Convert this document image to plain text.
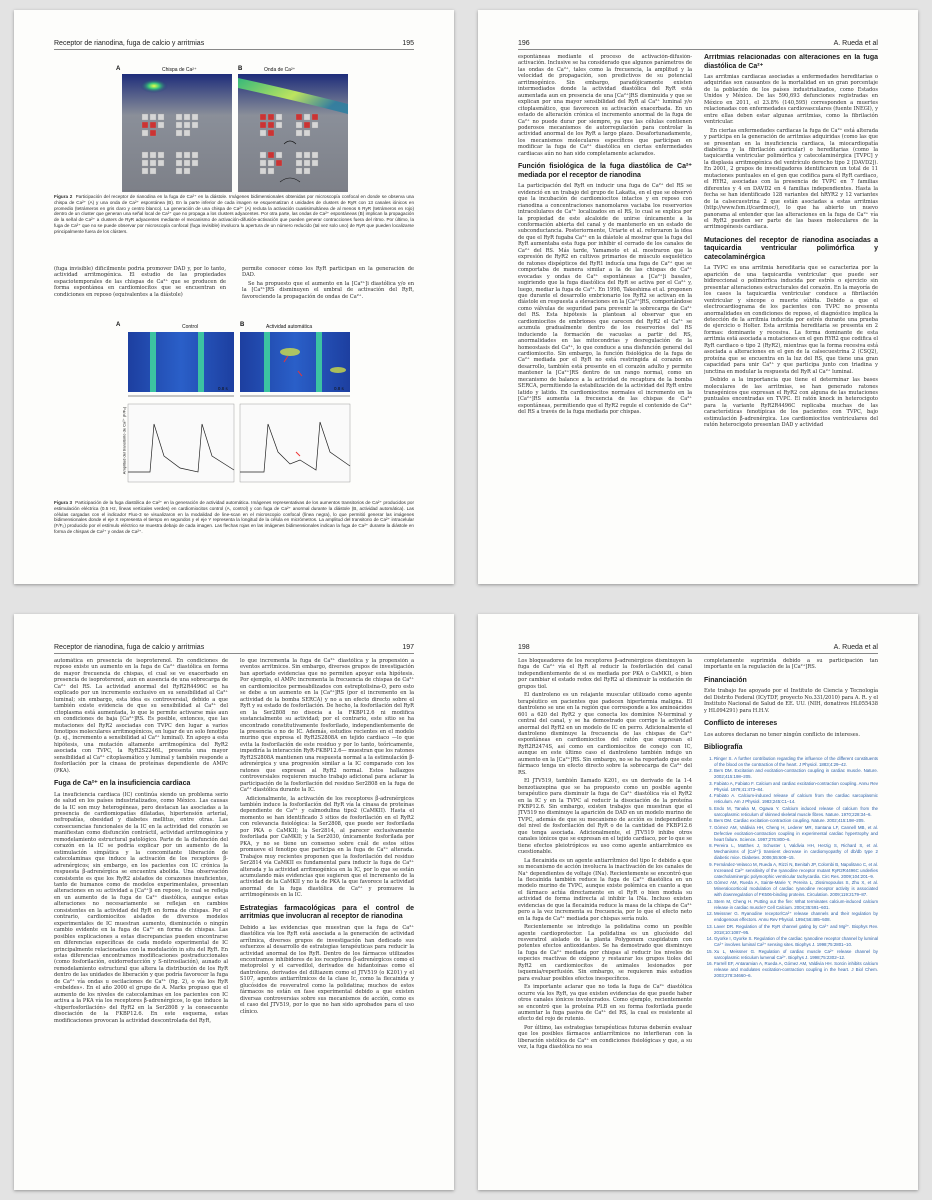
Receptor de rianodina, fuga de calcio y arritmias	195
A	Chispa de Ca²⁺	B	Onda de Ca²⁺
Figura 2 Participación del receptor de rianodina en la fuga de Ca²⁺ en la diástole. Imágenes bidimensionales obtenidas por microscopía confocal en donde se observa una chispa de Ca²⁺ (A) y una onda de Ca²⁺ espontánea (B). En la parte inferior de cada imagen se esquematizan 4 unidades de clusters de RyR con 13 canales iónicos en promedio (tetrámeros en gris claro y centro blanco). La generación de una chispa de Ca²⁺ (A) recluta la activación cuasisimultánea de al menos 6 RyR (tetrámeros en rojo) dentro de un cluster que generan una señal local de Ca²⁺ que no propaga a los clusters adyacentes. Por otra parte, las ondas de Ca²⁺ espontáneas (B) implican la propagación de la señal de Ca²⁺ a clusters de RyR adyacentes mediante el mecanismo de activación-difusión-activación que pueden generar contracciones fuera del ritmo. Por último, la fuga de Ca²⁺ que no se puede observar por microscopía confocal (fuga invisible) involucra la apertura de un número reducido (tal vez solo uno) de RyR que pueden localizarse principalmente fuera de los clústers.

(fuga invisible) difícilmente podría promover DAD y, por lo tanto, actividad arritmogénica. El estudio de las propiedades espaciotemporales de las chispas de Ca²⁺ que se producen de forma espontánea en cardiomiocitos que se encuentran en condiciones en reposo (equivalentes a la diástole)

permite conocer cómo los RyR participan en la generación de DAD.

Se ha propuesto que el aumento en la [Ca²⁺]i diastólica y/o en la [Ca²⁺]RS disminuyen el umbral de activación del RyR, favoreciendo la propagación de ondas de Ca²⁺.

A	Control	B	Actividad automática
0.8 s	0.8 s
Amplitud del transitorio de Ca²⁺ (F/F₀)
Figura 3 Participación de la fuga diastólica de Ca²⁺ en la generación de actividad automática. Imágenes representativas de los aumentos transitorios de Ca²⁺ producidos por estimulación eléctrica (0.5 Hz, líneas verticales verdes) en cardiomiocitos control (A, control) y con fuga de Ca²⁺ anormal durante la diástole (B, actividad automática). Las células cargadas con el indicador Fluo-3 se visualizaron en la modalidad de line-scan en el microscopio confocal (línea negra), lo que permitió generar las imágenes bidimensionales donde el eje X representa el tiempo en segundos y el eje Y representa la longitud de la célula en micrómetros. La amplitud del transitorio de Ca²⁺ intracelular (F/F₀) producido por el estímulo eléctrico se muestra debajo de cada imagen. Las flechas rojas en las imágenes bidimensionales indican la fuga de Ca²⁺ durante la diástole en forma de chispas de Ca²⁺ y ondas de Ca²⁺.
196	A. Rueda et al

espontáneas mediante el proceso de activación-difusión-activación. Inclusive se ha considerado que algunos parámetros de las ondas de Ca²⁺, tales como la frecuencia, la amplitud y la velocidad de propagación, son predictivos de su potencial arritmogénico. Sin embargo, paradójicamente existen intermediados donde la actividad diastólica del RyR está aumentada aun en presencia de una [Ca²⁺]RS disminuida y que se explican por una mayor sensibilidad del RyR al Ca²⁺ luminal y/o citoplasmático, que favorecen su activación exacerbada. En un estado de alteración crónica el incremento anormal de la fuga de Ca²⁺ no puede durar por siempre, ya que las células contienen poderosos mecanismos de autorregulación para controlar la actividad anormal de los RyR a largo plazo. Desafortunadamente, los mecanismos moleculares específicos que participan en modificar la fuga de Ca²⁺ diastólica en ciertas enfermedades cardiacas aún no han sido completamente aclarados.

Función fisiológica de la fuga diastólica de Ca²⁺ mediada por el receptor de rianodina

La participación del RyR en inducir una fuga de Ca²⁺ del RS se evidenció en un trabajo del grupo de Lakatta, en el que se observó que la incubación de cardiomiocitos intactos y en reposo con rianodina a concentraciones nanomolares vaciaba los reservorios intracelulares de Ca²⁺ localizados en el RS, lo cual se explica por la propiedad de este alcaloide de unirse únicamente a la conformación abierta del canal y de mantenerlo en un estado de subconductancia. Posteriormente, Uriarte et al. reforzaron la idea de que el RyR fugaba Ca²⁺ en la diástole al mostrar que la fuga del RyR aumentaba esta fuga por inhibir el cerrado de los canales de Ca²⁺ del RS. Más tarde, Yamamoto et al. mostraron que la expresión de RyR2 en cultivos primarios de músculo esquelético de ratones dispépticos del RyR1 inducía una fuga de Ca²⁺ que se comportaba de manera similar a la de las chispas de Ca²⁺ evocadas y ondas de Ca²⁺ espontáneas a [Ca²⁺]i basales, sugiriendo que la fuga diastólica del RyR se activa por el Ca²⁺ y, luego, mediar la fuga de Ca²⁺. En 1998, Takeshima et al. proponen que durante el desarrollo embrionario los RyR2 se activan en la diástole en respuesta a elevaciones en la [Ca²⁺]RS, comportándose como válvulas de seguridad para prevenir la sobrecarga de Ca²⁺ del RS. Esta hipótesis la plantean al observar que en cardiomiocitos de embriones que carecen del RyR2 el Ca²⁺ se acumula gradualmente dentro de los reservorios del RS induciendo la formación de vacuolas a partir del RS, anormalidades en las mitocondrias y desregulación de la homeostasis del Ca²⁺, lo que conduce a una disfunción general del cardiomiocito. Sin embargo, la función fisiológica de la fuga de Ca²⁺ mediada por el RyR no está restringida al corazón en desarrollo, también está presente en el corazón adulto y permite mantener la [Ca²⁺]RS dentro de un rango normal, como un mecanismo de balance a la actividad de recaptura de la bomba SERCA, permitiendo la estabilización de la actividad del RyR entre latido y latido. En cardiomiocitos normales el incremento en la [Ca²⁺]RS aumenta la frecuencia de las chispas de Ca²⁺ espontáneas, permitiendo que el RyR2 regule el contenido de Ca²⁺ del RS a través de la fuga mediada por chispas.

Arritmias relacionadas con alteraciones en la fuga diastólica de Ca²⁺

Las arritmias cardiacas asociadas a enfermedades hereditarias o adquiridas son causantes de la mortalidad en un gran porcentaje de la población de los países industrializados, como Estados Unidos y México. De las 590,693 defunciones registradas en México en 2011, el 23.8% (140,595) corresponden a muertes relacionadas con enfermedades cardiovasculares (fuente INEGI), y entre ellas deben estar algunas arritmias, como la fibrilación ventricular.

En ciertas enfermedades cardiacas la fuga de Ca²⁺ está alterada y participa en la generación de arritmias adquiridas (como las que se presentan en la insuficiencia cardiaca, la miocardiopatía diabética y la fibrilación auricular) o hereditarias (como la taquicardia ventricular polimórfica y catecolaminérgica [TVPC] y la displasia arritmogénica del ventrículo derecho tipo 2 [DAVD2]). En 2001, 2 grupos de investigadores identificaron un total de 11 mutaciones puntuales en el gen que codifica para el RyR cardiaco, el RYR2, asociadas con la presencia de TVPC en 7 familias diferentes y 4 en DAVD2 en 4 familias independientes. Hasta la fecha se han identificado 128 variantes del hRYR2 y 12 variantes de la calsecuestrina 2 que están asociadas a estas arritmias (http://www.fsm.it/cardmoc/), lo que ha abierto un nuevo panorama al entender que las alteraciones en la fuga de Ca²⁺ vía el RyR2 pueden ser parte de las bases moleculares de la arritmogénesis cardiaca.

Mutaciones del receptor de rianodina asociadas a taquicardia ventricular polimórfica y catecolaminérgica

La TVPC es una arritmia hereditaria que se caracteriza por la aparición de una taquicardia ventricular que puede ser bidireccional o polimórfica inducida por estrés o ejercicio sin presentar alteraciones estructurales del corazón. En la mayoría de los casos la taquicardia ventricular conduce a fibrilación ventricular y síncope o muerte súbita. Debido a que el electrocardiograma de los pacientes con TVPC no presenta anormalidades en condiciones de reposo, el diagnóstico implica la detección de la arritmia inducida por estrés durante una prueba de ejercicio o Holter. Esta arritmia hereditaria se presenta en 2 formas: dominante y recesiva. La forma dominante de esta arritmia está asociada a mutaciones en el gen RYR2 que codifica el RyR cardiaco o tipo 2 (RyR2), mientras que la forma recesiva está asociada a alteraciones en el gen de la calsecuestrina 2 (CSQ2), proteína que se encuentra en la luz del RS, que tiene una gran capacidad para unir Ca²⁺ y que participa junto con triadina y junctina en modular la respuesta del RyR al Ca²⁺ luminal.

Debido a la importancia que tiene el determinar las bases moleculares de las arritmias, se han generado ratones transgénicos que expresan el RyR2 con alguna de las mutaciones puntuales encontradas en TVPC. El ratón knock in heterocigoto para la variante RyR2R4496C replicaba muchas de las características fenotípicas de los pacientes con TVPC, bajo estimulación β-adrenérgica. Los cardiomiocitos ventriculares del ratón heterocigoto presentan DAD y actividad

Receptor de rianodina, fuga de calcio y arritmias	197

automática en presencia de isoproterenol. En condiciones de reposo existe un aumento en la fuga de Ca²⁺ diastólica en forma de mayor frecuencia de chispas, el cual se ve exacerbado en presencia de isoproterenol, aun en ausencia de una sobrecarga de Ca²⁺ del RS. La actividad anormal del RyR2R4496C se ha explicado por un incremento exclusivo en su sensibilidad al Ca²⁺ luminal; sin embargo, esta idea es controversial, debido a que también existe evidencia de que su sensibilidad al Ca²⁺ del citoplasma está aumentada, lo que le permite activarse más aun en condiciones de baja [Ca²⁺]RS. Es posible, entonces, que las mutaciones del RyR2 asociadas con TVPC den lugar a varios fenotipos moleculares arritmogénicos, en lugar de un solo fenotipo (p. ej., incremento a sensibilidad al Ca²⁺ luminal). En apoyo a esta hipótesis, una mutación altamente arritmogénica del RyR2 asociada con TVPC, la RyR2S2246L, presenta una mayor sensibilidad al Ca²⁺ citoplasmático y luminal y también responde a fosforilación por la cinasa de proteínas dependiente de AMPc (PKA).

Fuga de Ca²⁺ en la insuficiencia cardiaca

La insuficiencia cardiaca (IC) continúa siendo un problema serio de salud en los países industrializados, como México. Las causas de la IC son muy heterogéneas, pero destacan las asociadas a la presencia de cardiomiopatías dilatadas, hipertensión arterial, nefropatías, obesidad y diabetes mellitus, entre otras. Las consecuencias funcionales de la IC en la actividad del corazón se manifiestan como disfunción contráctil, actividad arritmogénica y remodelamiento estructural patológico. Parte de la disfunción del corazón en la IC se podría explicar por un aumento de la estimulación simpática y la concomitante liberación de catecolaminas que induce la activación de los receptores β-adrenérgicos; sin embargo, en los pacientes con IC crónica la respuesta β-adrenérgica se encuentra abolida. Una observación consistente es que los RyR2 aislados de corazones insuficientes, tanto de humanos como de modelos experimentales, presentan alteraciones en su actividad a [Ca²⁺]i en reposo, lo cual se refleja en un aumento de la fuga de Ca²⁺ diastólica, aunque estas alteraciones no necesariamente se reflejan en cambios consistentes en la actividad del RyR en forma de chispas. Por el contrario, cardiomiocitos aislados de diversos modelos experimentales de IC muestran aumento, disminución o ningún cambio evidente en la fuga de Ca²⁺ en forma de chispas. Las posibles explicaciones a estas discrepancias pueden encontrarse en diferencias específicas de cada modelo experimental de IC principalmente relacionadas con la modulación in situ del RyR. En estas diferencias encontramos modificaciones postraduccionales (como fosforilación, oxidorreducción y S-nitrosilación), aunado al remodelamiento estructural que altera la distribución de los RyR dentro de las unidades de liberación y que podría favorecer la fuga de Ca²⁺ vía ondas u oscilaciones de Ca²⁺ (fig. 2), o vía los RyR «rebeldes». En el año 2000 el grupo de A. Marks propuso que el aumento de los niveles de catecolaminas en los pacientes con IC activa a la PKA vía los receptores β-adrenérgicos, lo que induce la «hiperfosforilación» del RyR2 en la Ser2808 y la consecuente disociación de la FKBP12.6. En este esquema, estas modificaciones provocan la actividad descontrolada del RyR,

lo que incrementa la fuga de Ca²⁺ diastólica y la propensión a eventos arritmicos. Sin embargo, diversos grupos de investigación han aportado evidencias que no permiten apoyar esta hipótesis. Por ejemplo, el AMPc incrementa la frecuencia de chispas de Ca²⁺ en cardiomiocitos permeabilizados con estreptolisina-O, pero esto se debe a un aumento en la [Ca²⁺]RS (por el incremento en la actividad de la bomba SERCA) y no a un efecto directo sobre el RyR y su estado de fosforilación. De hecho, la fosforilación del RyR en la Ser2808 no disocia a la FKBP12.6 ni modifica sustancialmente su actividad; por el contrario, este sitio se ha encontrado constitutivamente fosforilado, independientemente de la presencia o no de IC. Además, estudios recientes en el modelo murino que expresa el RyR2S2808A en tejido cardiaco —lo que evita la fosforilación de este residuo y por lo tanto, teóricamente, impediría la interacción RyR-FKBP12.6— muestran que los ratones RyR2S2808A mantienen una respuesta normal a la estimulación β-adrenérgica y una progresión similar a la IC comparado con los ratones que expresan al RyR2 normal. Estos hallazgos controversiales requieren mucho trabajo adicional para aclarar la participación de la fosforilación del residuo Ser2808 en la fuga de Ca²⁺ diastólica durante la IC.

Adicionalmente, la activación de los receptores β-adrenérgicos también induce la fosforilación del RyR vía la cinasa de proteínas dependiente de Ca²⁺ y calmodulina tipo2 (CaMKII). Hasta el momento se han identificado 3 sitios de fosforilación en el RyR2 con relevancia fisiológica: la Ser2808, que puede ser fosforilada por PKA o CaMKII; la Ser2814, al parecer exclusivamente fosforilada por CaMKII; y la Ser2030, únicamente fosforilada por PKA, y no se tiene un consenso sobre cuál de estos sitios promueve el fenotipo que participa en la fuga de Ca²⁺ alterada. Trabajos muy recientes proponen que la fosforilación del residuo Ser2814 vía CaMKII es fundamental para inducir la fuga de Ca²⁺ alterada y la actividad arritmogénica en la IC, por lo que se están acumulando más evidencias que sugieren que el incremento de la actividad de la CaMKII y no la de PKA la que favorece la actividad anormal de la fuga diastólica de Ca²⁺ y promueve la arritmogénesis en la IC.

Estrategias farmacológicas para el control de arritmias que involucran al receptor de rianodina

Debido a las evidencias que muestran que la fuga de Ca²⁺ diastólica vía los RyR está asociada a la generación de actividad arrítmica, diversos grupos de investigación han dedicado sus esfuerzos al desarrollo de estrategias terapéuticas para reducir la actividad anormal de los RyR. Dentro de los fármacos utilizados encontramos inhibidores de los receptores β-adrenérgicos como el metoprolol y el carvedilol, derivados de hidantoínas como el dantroleno, derivados del diltiazem como el JTV519 (o K201) y el S107, agentes antiarrítmicos de la clase Ic, como la flecainida y glucósidos de resveratrol como la polidatina; muchos de estos fármacos no están en fase experimental debido a que existen diversas controversias sobre sus mecanismos de acción, como es el caso del JTV519, por lo que no han sido aprobados para el uso clínico.

198	A. Rueda et al

Los bloqueadores de los receptores β-adrenérgicos disminuyen la fuga de Ca²⁺ vía el RyR al reducir la fosforilación del canal independientemente de si es mediada por PKA o CaMKII, o bien por cambiar el estado redox del RyR2 al disminuir la oxidación de grupos tiol.

El dantroleno es un relajante muscular utilizado como agente terapéutico en pacientes que padecen hipertermia maligna. El dantroleno se une en la región que corresponde a los aminoácidos 601 a 620 del RyR2 y que conecta los dominios N-terminal y central del canal, y se ha demostrado que corrige la actividad anormal del RyR2 en un modelo de IC en perro. Adicionalmente el dantroleno disminuye la frecuencia de las chispas de Ca²⁺ espontáneas en cardiomiocitos del ratón que expresan el RyR2R2474S, así como en cardiomiocitos de conejo con IC, aunque en este último caso el dantroleno también indujo un aumento en la [Ca²⁺]RS. Sin embargo, no se ha reportado que este fármaco tenga un efecto directo sobre la sobrecarga de Ca²⁺ del RS.

El JTV519, también llamado K201, es un derivado de la 1-4 benzotiazepina que se ha propuesto como un posible agente terapéutico para disminuir la fuga de Ca²⁺ diastólica vía el RyR2 en la IC y en la TVPC al reducir la disociación de la proteína FKBP12.6. Sin embargo, existen trabajos que muestran que el JTV519 no disminuye la aparición de DAD en un modelo murino de TVPC, además de que su mecanismo de acción es independiente del nivel de fosforilación del RyR o de la cantidad de FKBP12.6 que tenga asociada. Adicionalmente, el JTV519 inhibe otros canales iónicos que se expresan en el tejido cardiaco, por lo que se tiene efectos pleiotrópicos su uso como agente antiarrítmico es cuestionable.

La flecainida es un agente antiarrítmico del tipo Ic debido a que su mecanismo de acción involucra la inactivación de los canales de Na⁺ dependientes de voltaje (INa). Recientemente se encontró que la flecainida también reduce la fuga de Ca²⁺ diastólica en un modelo murino de TVPC, aunque existe polémica en cuanto a que el fármaco actúa directamente en el RyR o bien modula su actividad de forma indirecta al inhibir la INa. Incluso existen evidencias de que la flecainida reduce la masa de la chispa de Ca²⁺ pero a la vez incrementa su frecuencia, por lo que el efecto neto en la fuga de Ca²⁺ mediada por chispas sería nulo.

Recientemente se introdujo la polidatina como un posible agente cardioprotector. La polidatina es un glucósido del resveratrol aislado de la planta Polygonum cuspidatum con potentes efectos antioxidantes. Se ha demostrado que disminuye la fuga de Ca²⁺ mediada por chispas al reducir los niveles de especies reactivas de oxígeno y restaurar los grupos tioles del RyR2 en cardiomiocitos de animales lesionados por isquemia/reperfusión. Sin embargo, se requieren más estudios para evaluar posibles efectos inespecíficos.

Es importante aclarar que no toda la fuga de Ca²⁺ diastólica ocurre vía los RyR, ya que existen evidencias de que puede haber otros canales iónicos involucrados. Como ejemplo, recientemente se encontró que la proteína PLB en su forma fosforilada puede aumentar la fuga pasiva de Ca²⁺ del RS, la cual es resistente al efecto del rojo de rutenio.

Por último, las estrategias terapéuticas futuras deberán evaluar que los posibles fármacos antiarrítmicos no interfieran con la liberación sistólica de Ca²⁺ en condiciones fisiológicas y que, a su vez, la fuga diastólica no sea

completamente suprimida debido a su participación tan importante en la regulación de la [Ca²⁺]RS.

Financiación

Este trabajo fue apoyado por el Instituto de Ciencia y Tecnología del Distrito Federal (ICyTDF, proyecto No.331/2010) para A. R. y el Instituto Nacional de Salud de EE. UU. (NIH, donativos HL055438 y HL094291) para H.H.V.

Conflicto de intereses

Los autores declaran no tener ningún conflicto de intereses.

Bibliografía
1. Ringer S. A further contribution regarding the influence of the different constituents of the blood on the contraction of the heart. J Physiol. 1883;4:29–42.
2. Bers DM. Excitation and excitation-contraction coupling in cardiac muscle. Nature. 2002;415:198–205.
3. Fabiato A, Fabiato F. Calcium and cardiac excitation-contraction coupling. Annu Rev Physiol. 1979;41:473–84.
4. Fabiato A. Calcium-induced release of calcium from the cardiac sarcoplasmic reticulum. Am J Physiol. 1983;245:C1–14.
5. Endo M, Tanaka M, Ogawa Y. Calcium induced release of calcium from the sarcoplasmic reticulum of skinned skeletal muscle fibres. Nature. 1970;228:34–6.
6. Bers DM. Cardiac excitation-contraction coupling. Nature. 2002;415:198–205.
7. Gómez AM, Valdivia HH, Cheng H, Lederer MR, Santana LF, Cannell MB, et al. Defective excitation-contraction coupling in experimental cardiac hypertrophy and heart failure. Science. 1997;276:800–6.
8. Pereira L, Matthes J, Schuster I, Valdivia HH, Herzig S, Richard S, et al. Mechanisms of [Ca²⁺]i transient decrease in cardiomyopathy of db/db type 2 diabetic mice. Diabetes. 2006;55:608–15.
9. Fernández-Velasco M, Rueda A, Rizzi N, Benitah JP, Colombi B, Napolitano C, et al. Increased Ca²⁺ sensitivity of the ryanodine receptor mutant RyR2R4496C underlies catecholaminergic polymorphic ventricular tachycardia. Circ Res. 2009;104:201–9.
10. Gómez AM, Rueda A, Sainte-Marie Y, Pereira L, Zissimopoulos S, Zhu X, et al. Mineralocorticoid modulation of cardiac ryanodine receptor activity is associated with downregulation of FK506-binding proteins. Circulation. 2009;119:2179–87.
11. Stern M, Cheng H. Putting out the fire: What terminates calcium-induced calcium release in cardiac muscle? Cell Calcium. 2004;35:591–601.
12. Meissner G. Ryanodine receptor/Ca²⁺ release channels and their regulation by endogenous effectors. Annu Rev Physiol. 1994;56:485–508.
13. Laver DR. Regulation of the RyR channel gating by Ca²⁺ and Mg²⁺. Biophys Rev. 2018;10:1087–95.
14. Gyorke I, Gyorke S. Regulation of the cardiac ryanodine receptor channel by luminal Ca²⁺ involves luminal Ca²⁺ sensing sites. Biophys J. 1998;75:2801–10.
15. Xu L, Meissner G. Regulation of cardiac muscle Ca²⁺ release channel by sarcoplasmic reticulum lumenal Ca²⁺. Biophys J. 1998;75:2302–12.
16. Farrell EF, Antaramian A, Rueda A, Gómez AM, Valdivia HH. Sorcin inhibits calcium release and modulates excitation-contraction coupling in the heart. J Biol Chem. 2003;278:34660–6.
